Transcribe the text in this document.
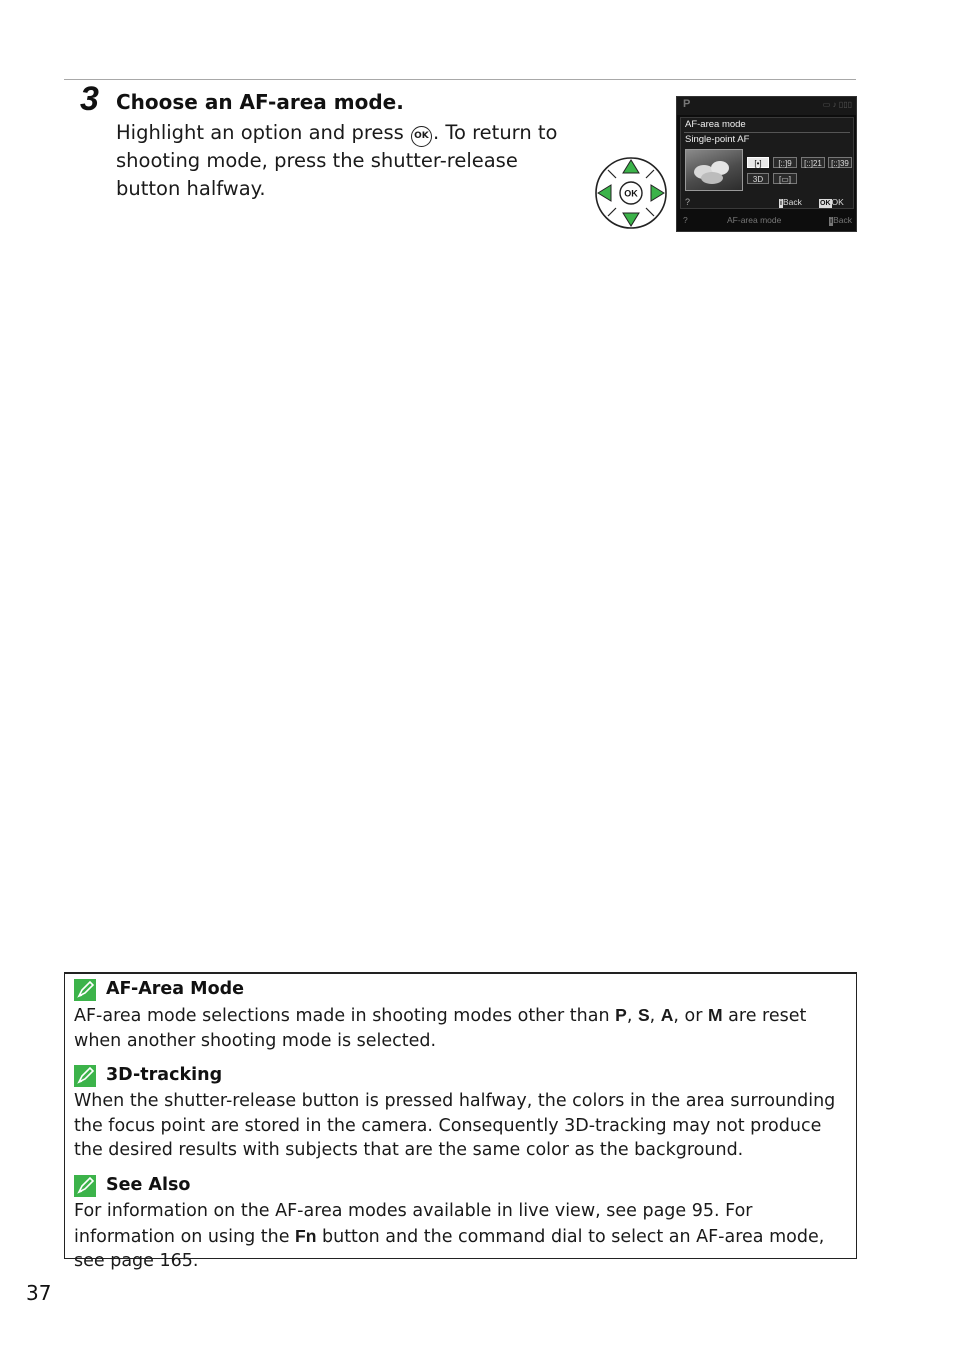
3 Choose an AF-area mode.
Highlight an option and press OK . To return to shooting mode, press the shutter-release button halfway.	OK
P	▭ ♪ ▯▯▯
AF-area mode
Single-point AF
[•]	[::]9	[::]21	[::]39
3D	[▭]
?	iBack	OKOK
?	AF-area mode	iBack
AF-Area Mode
AF-area mode selections made in shooting modes other than P, S, A, or M are reset when another shooting mode is selected.
3D-tracking
When the shutter-release button is pressed halfway, the colors in the area surrounding the focus point are stored in the camera. Consequently 3D-tracking may not produce the desired results with subjects that are the same color as the background.
See Also
For information on the AF-area modes available in live view, see page 95. For information on using the Fn button and the command dial to select an AF-area mode, see page 165.
37
